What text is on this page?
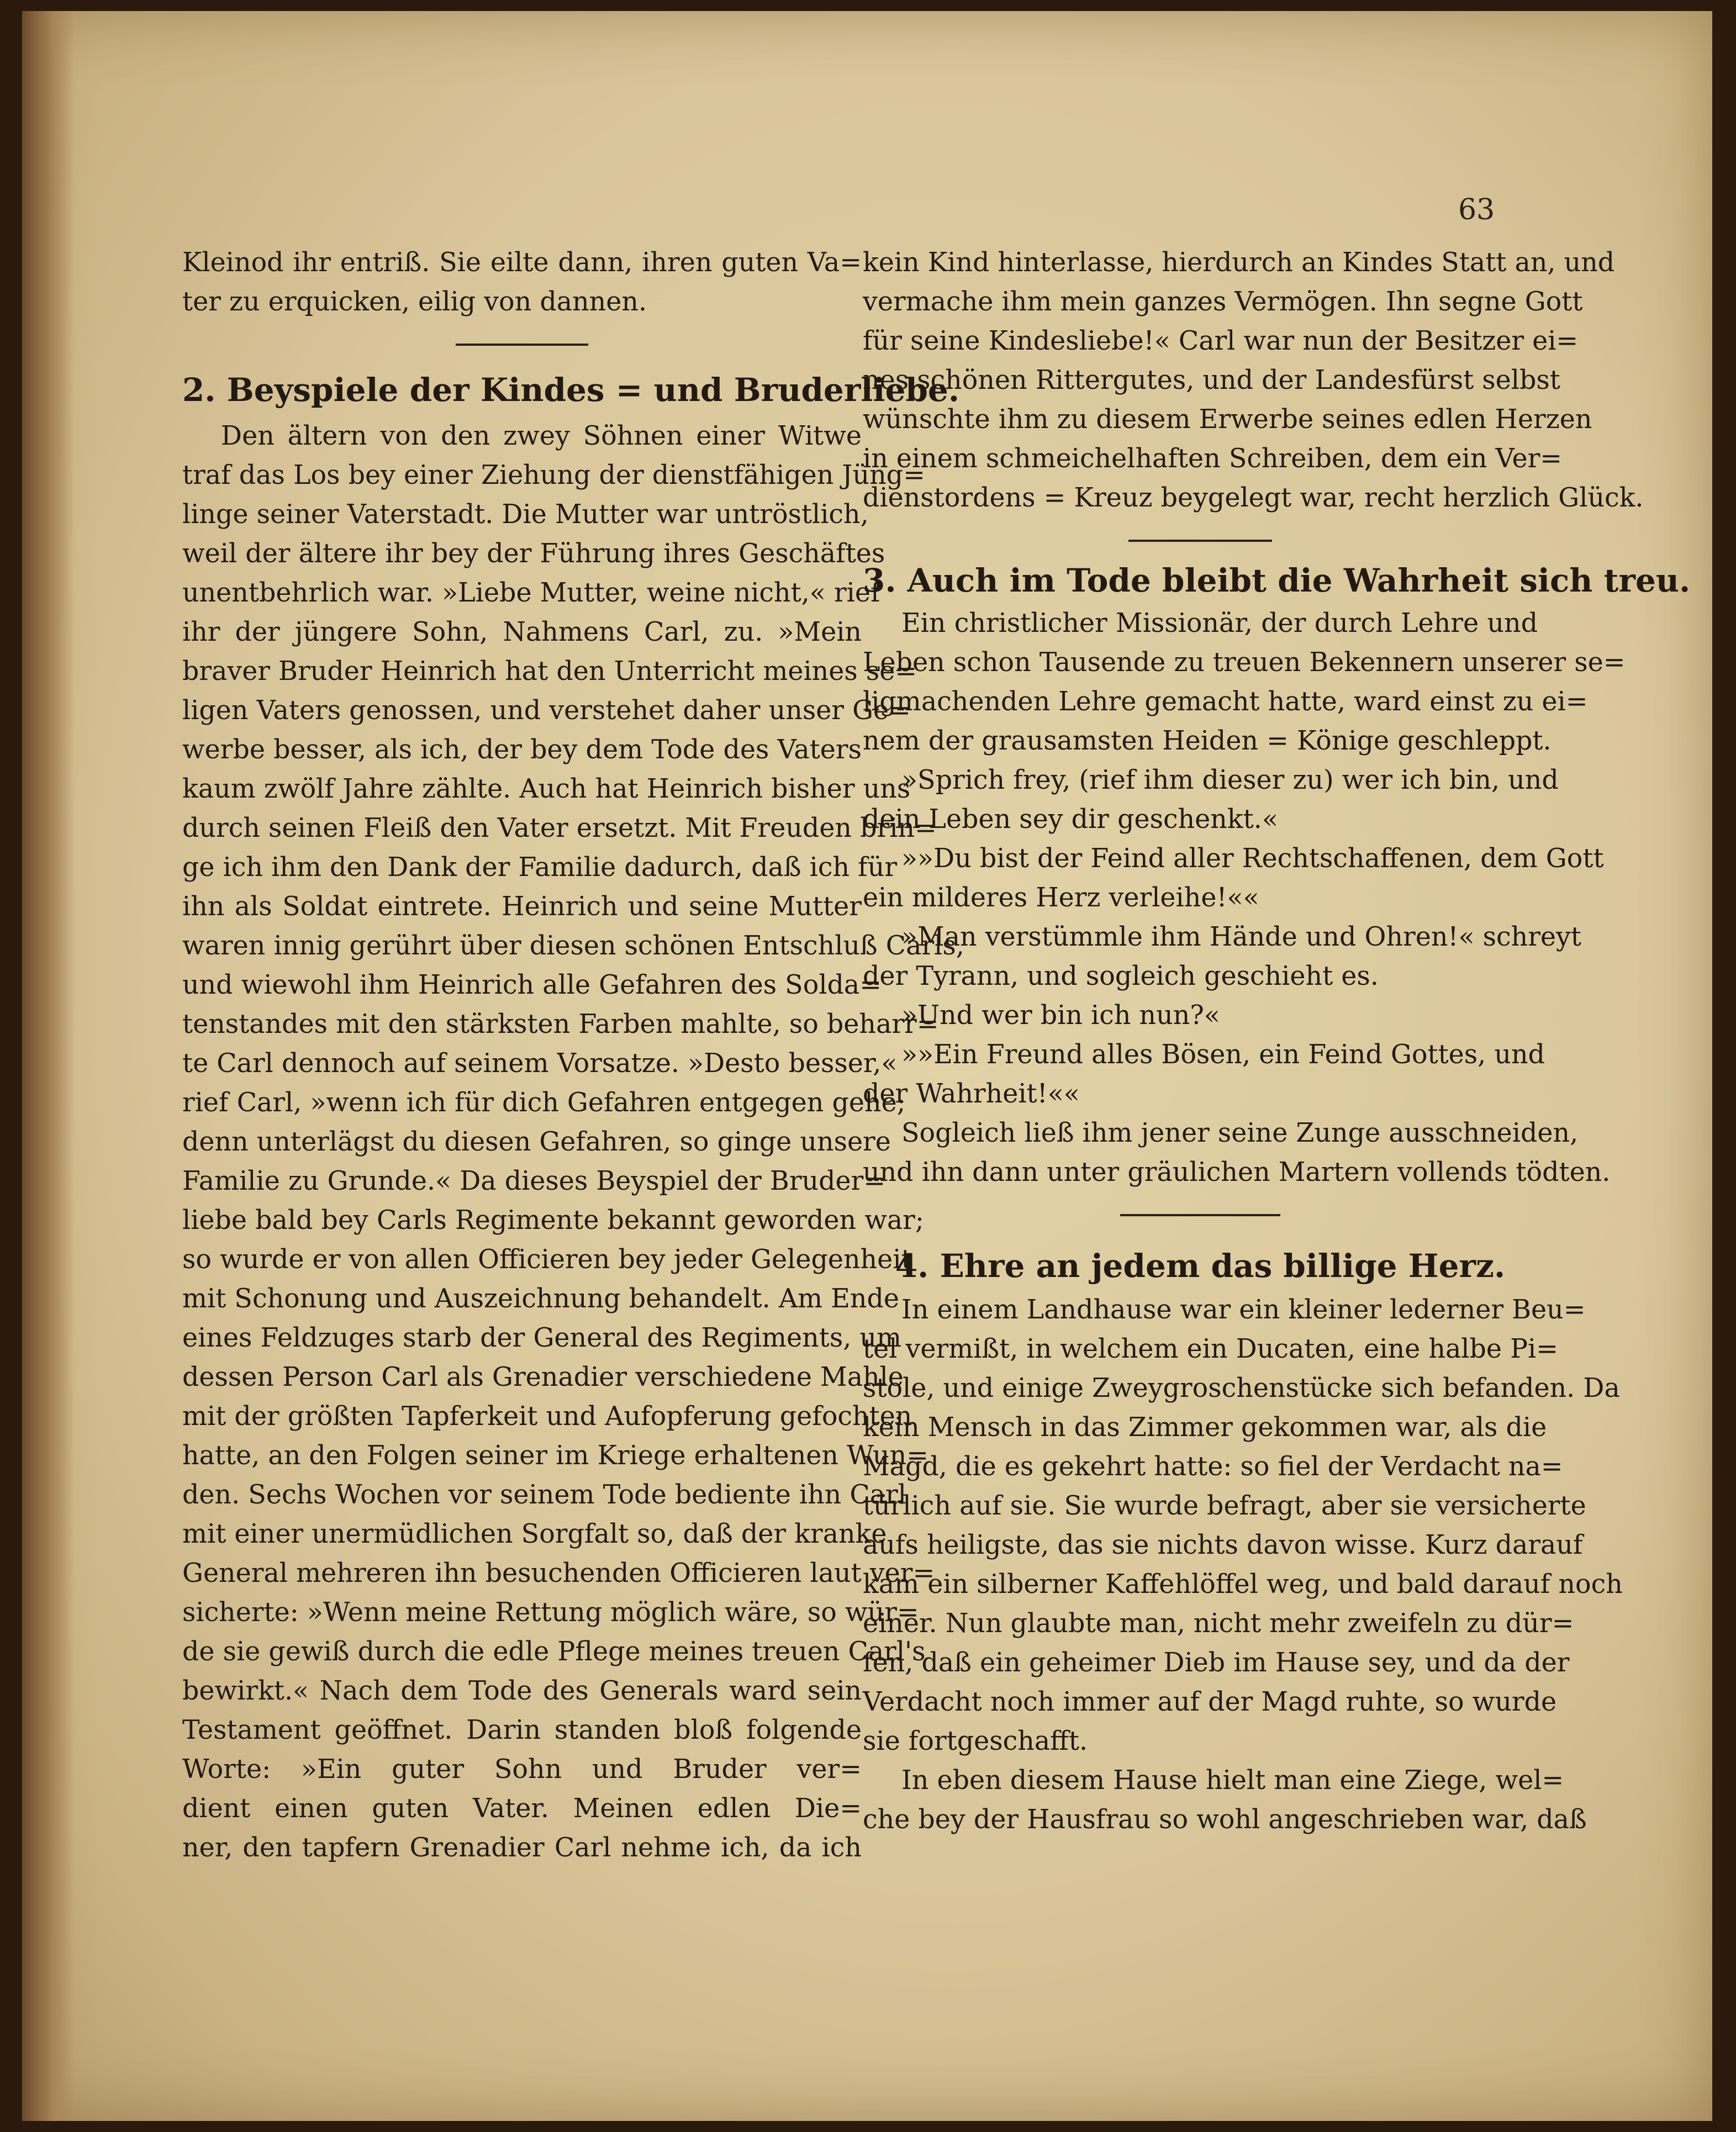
63
Kleinod ihr entriß. Sie eilte dann, ihren guten Va=
ter zu erquicken, eilig von dannen.
2. Beyspiele der Kindes = und Bruderliebe.
Den ältern von den zwey Söhnen einer Witwe
traf das Los bey einer Ziehung der dienstfähigen Jüng=
linge seiner Vaterstadt. Die Mutter war untröstlich,
weil der ältere ihr bey der Führung ihres Geschäftes
unentbehrlich war. »Liebe Mutter, weine nicht,« rief
ihr der jüngere Sohn, Nahmens Carl, zu. »Mein
braver Bruder Heinrich hat den Unterricht meines se=
ligen Vaters genossen, und verstehet daher unser Ge=
werbe besser, als ich, der bey dem Tode des Vaters
kaum zwölf Jahre zählte. Auch hat Heinrich bisher uns
durch seinen Fleiß den Vater ersetzt. Mit Freuden brin=
ge ich ihm den Dank der Familie dadurch, daß ich für
ihn als Soldat eintrete. Heinrich und seine Mutter
waren innig gerührt über diesen schönen Entschluß Carls,
und wiewohl ihm Heinrich alle Gefahren des Solda=
tenstandes mit den stärksten Farben mahlte, so beharr=
te Carl dennoch auf seinem Vorsatze. »Desto besser,«
rief Carl, »wenn ich für dich Gefahren entgegen gehe;
denn unterlägst du diesen Gefahren, so ginge unsere
Familie zu Grunde.« Da dieses Beyspiel der Bruder=
liebe bald bey Carls Regimente bekannt geworden war;
so wurde er von allen Officieren bey jeder Gelegenheit
mit Schonung und Auszeichnung behandelt. Am Ende
eines Feldzuges starb der General des Regiments, um
dessen Person Carl als Grenadier verschiedene Mahle
mit der größten Tapferkeit und Aufopferung gefochten
hatte, an den Folgen seiner im Kriege erhaltenen Wun=
den. Sechs Wochen vor seinem Tode bediente ihn Carl
mit einer unermüdlichen Sorgfalt so, daß der kranke
General mehreren ihn besuchenden Officieren laut ver=
sicherte: »Wenn meine Rettung möglich wäre, so wür=
de sie gewiß durch die edle Pflege meines treuen Carl's
bewirkt.« Nach dem Tode des Generals ward sein
Testament geöffnet. Darin standen bloß folgende
Worte: »Ein guter Sohn und Bruder ver=
dient einen guten Vater. Meinen edlen Die=
ner, den tapfern Grenadier Carl nehme ich, da ich
kein Kind hinterlasse, hierdurch an Kindes Statt an, und
vermache ihm mein ganzes Vermögen. Ihn segne Gott
für seine Kindesliebe!« Carl war nun der Besitzer ei=
nes schönen Rittergutes, und der Landesfürst selbst
wünschte ihm zu diesem Erwerbe seines edlen Herzen
in einem schmeichelhaften Schreiben, dem ein Ver=
dienstordens = Kreuz beygelegt war, recht herzlich Glück.
3. Auch im Tode bleibt die Wahrheit sich treu.
Ein christlicher Missionär, der durch Lehre und
Leben schon Tausende zu treuen Bekennern unserer se=
ligmachenden Lehre gemacht hatte, ward einst zu ei=
nem der grausamsten Heiden = Könige geschleppt.
»Sprich frey, (rief ihm dieser zu) wer ich bin, und
dein Leben sey dir geschenkt.«
»»Du bist der Feind aller Rechtschaffenen, dem Gott
ein milderes Herz verleihe!««
»Man verstümmle ihm Hände und Ohren!« schreyt
der Tyrann, und sogleich geschieht es.
»Und wer bin ich nun?«
»»Ein Freund alles Bösen, ein Feind Gottes, und
der Wahrheit!««
Sogleich ließ ihm jener seine Zunge ausschneiden,
und ihn dann unter gräulichen Martern vollends tödten.
4. Ehre an jedem das billige Herz.
In einem Landhause war ein kleiner lederner Beu=
tel vermißt, in welchem ein Ducaten, eine halbe Pi=
stole, und einige Zweygroschenstücke sich befanden. Da
kein Mensch in das Zimmer gekommen war, als die
Magd, die es gekehrt hatte: so fiel der Verdacht na=
türlich auf sie. Sie wurde befragt, aber sie versicherte
aufs heiligste, das sie nichts davon wisse. Kurz darauf
kam ein silberner Kaffehlöffel weg, und bald darauf noch
einer. Nun glaubte man, nicht mehr zweifeln zu dür=
fen, daß ein geheimer Dieb im Hause sey, und da der
Verdacht noch immer auf der Magd ruhte, so wurde
sie fortgeschafft.
In eben diesem Hause hielt man eine Ziege, wel=
che bey der Hausfrau so wohl angeschrieben war, daß
